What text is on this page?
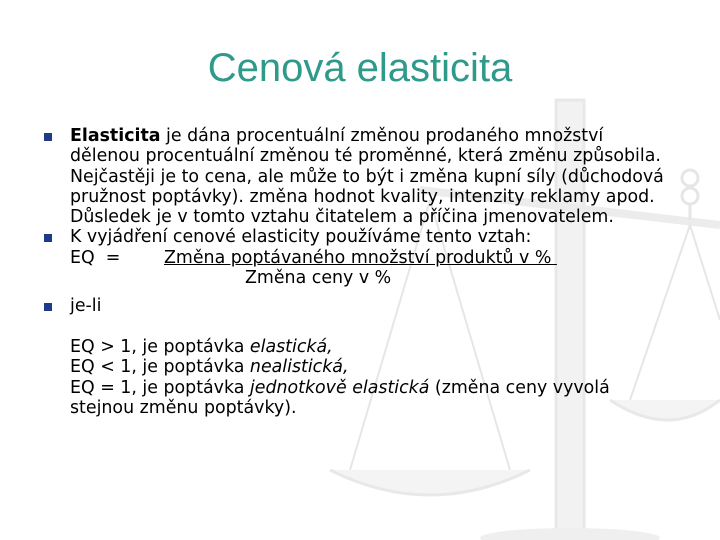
Cenová elasticita
Elasticita je dána procentuální změnou prodaného množství
dělenou procentuální změnou té proměnné, která změnu způsobila.
Nejčastěji je to cena, ale může to být i změna kupní síly (důchodová
pružnost poptávky). změna hodnot kvality, intenzity reklamy apod.
Důsledek je v tomto vztahu čitatelem a příčina jmenovatelem.
K vyjádření cenové elasticity používáme tento vztah:
EQ  =	Změna poptávaného množství produktů v %
Změna ceny v %
je-li

EQ > 1, je poptávka elastická,
EQ < 1, je poptávka nealistická,
EQ = 1, je poptávka jednotkově elastická (změna ceny vyvolá
stejnou změnu poptávky).
